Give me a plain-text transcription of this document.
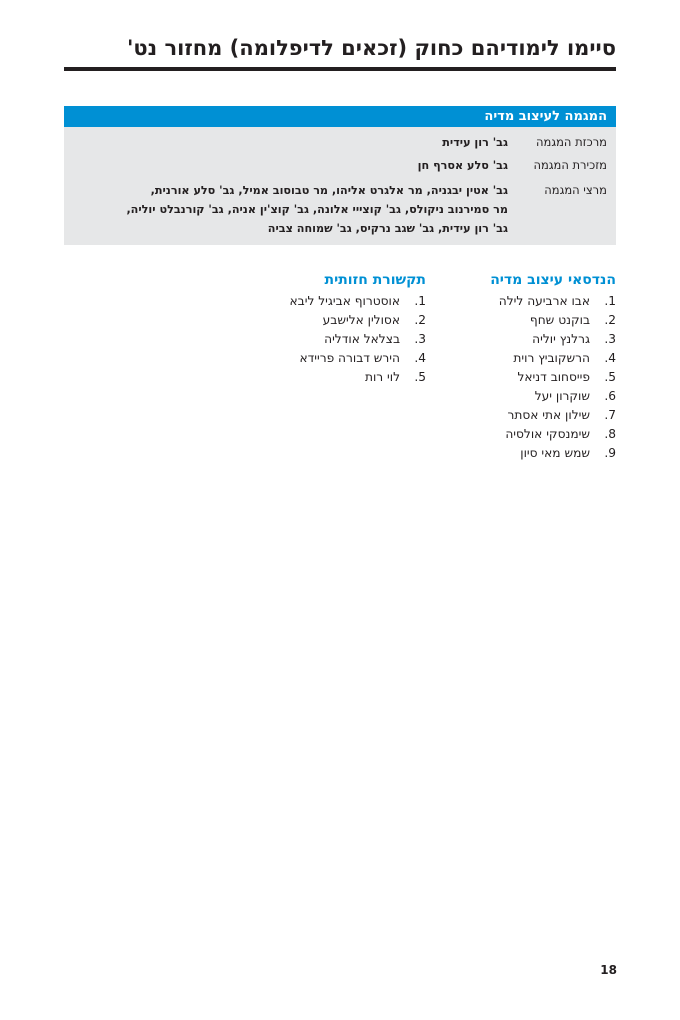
סיימו לימודיהם כחוק (זכאים לדיפלומה) מחזור נט'
המגמה לעיצוב מדיה
מרכזת המגמה
גב' רון עידית
מזכירת המגמה
גב' סלע אסרף חן
מרצי המגמה
גב' אטין יבגניה, מר אלגרט אליהו, מר טבוסוב אמיל, גב' סלע אורנית,
מר סמירנוב ניקולס, גב' קוצייי אלונה, גב' קוצ'ין אניה, גב' קורנבלט יוליה,
גב' רון עידית, גב' שגב נרקיס, גב' שמוחה צביה
הנדסאי עיצוב מדיה
1.
אבו ארביעה לילה
2.
בוקנט שחף
3.
גרלנץ יוליה
4.
הרשקוביץ רוית
5.
פייסחוב דניאל
6.
שוקרון יעל
7.
שילון אתי אסתר
8.
שימנסקי אולסיה
9.
שמש מאי סיון
תקשורת חזותית
1.
אוסטרוף אביגיל ליבא
2.
אסולין אלישבע
3.
בצלאל אודליה
4.
הירש דבורה פריידא
5.
לוי רות
18
